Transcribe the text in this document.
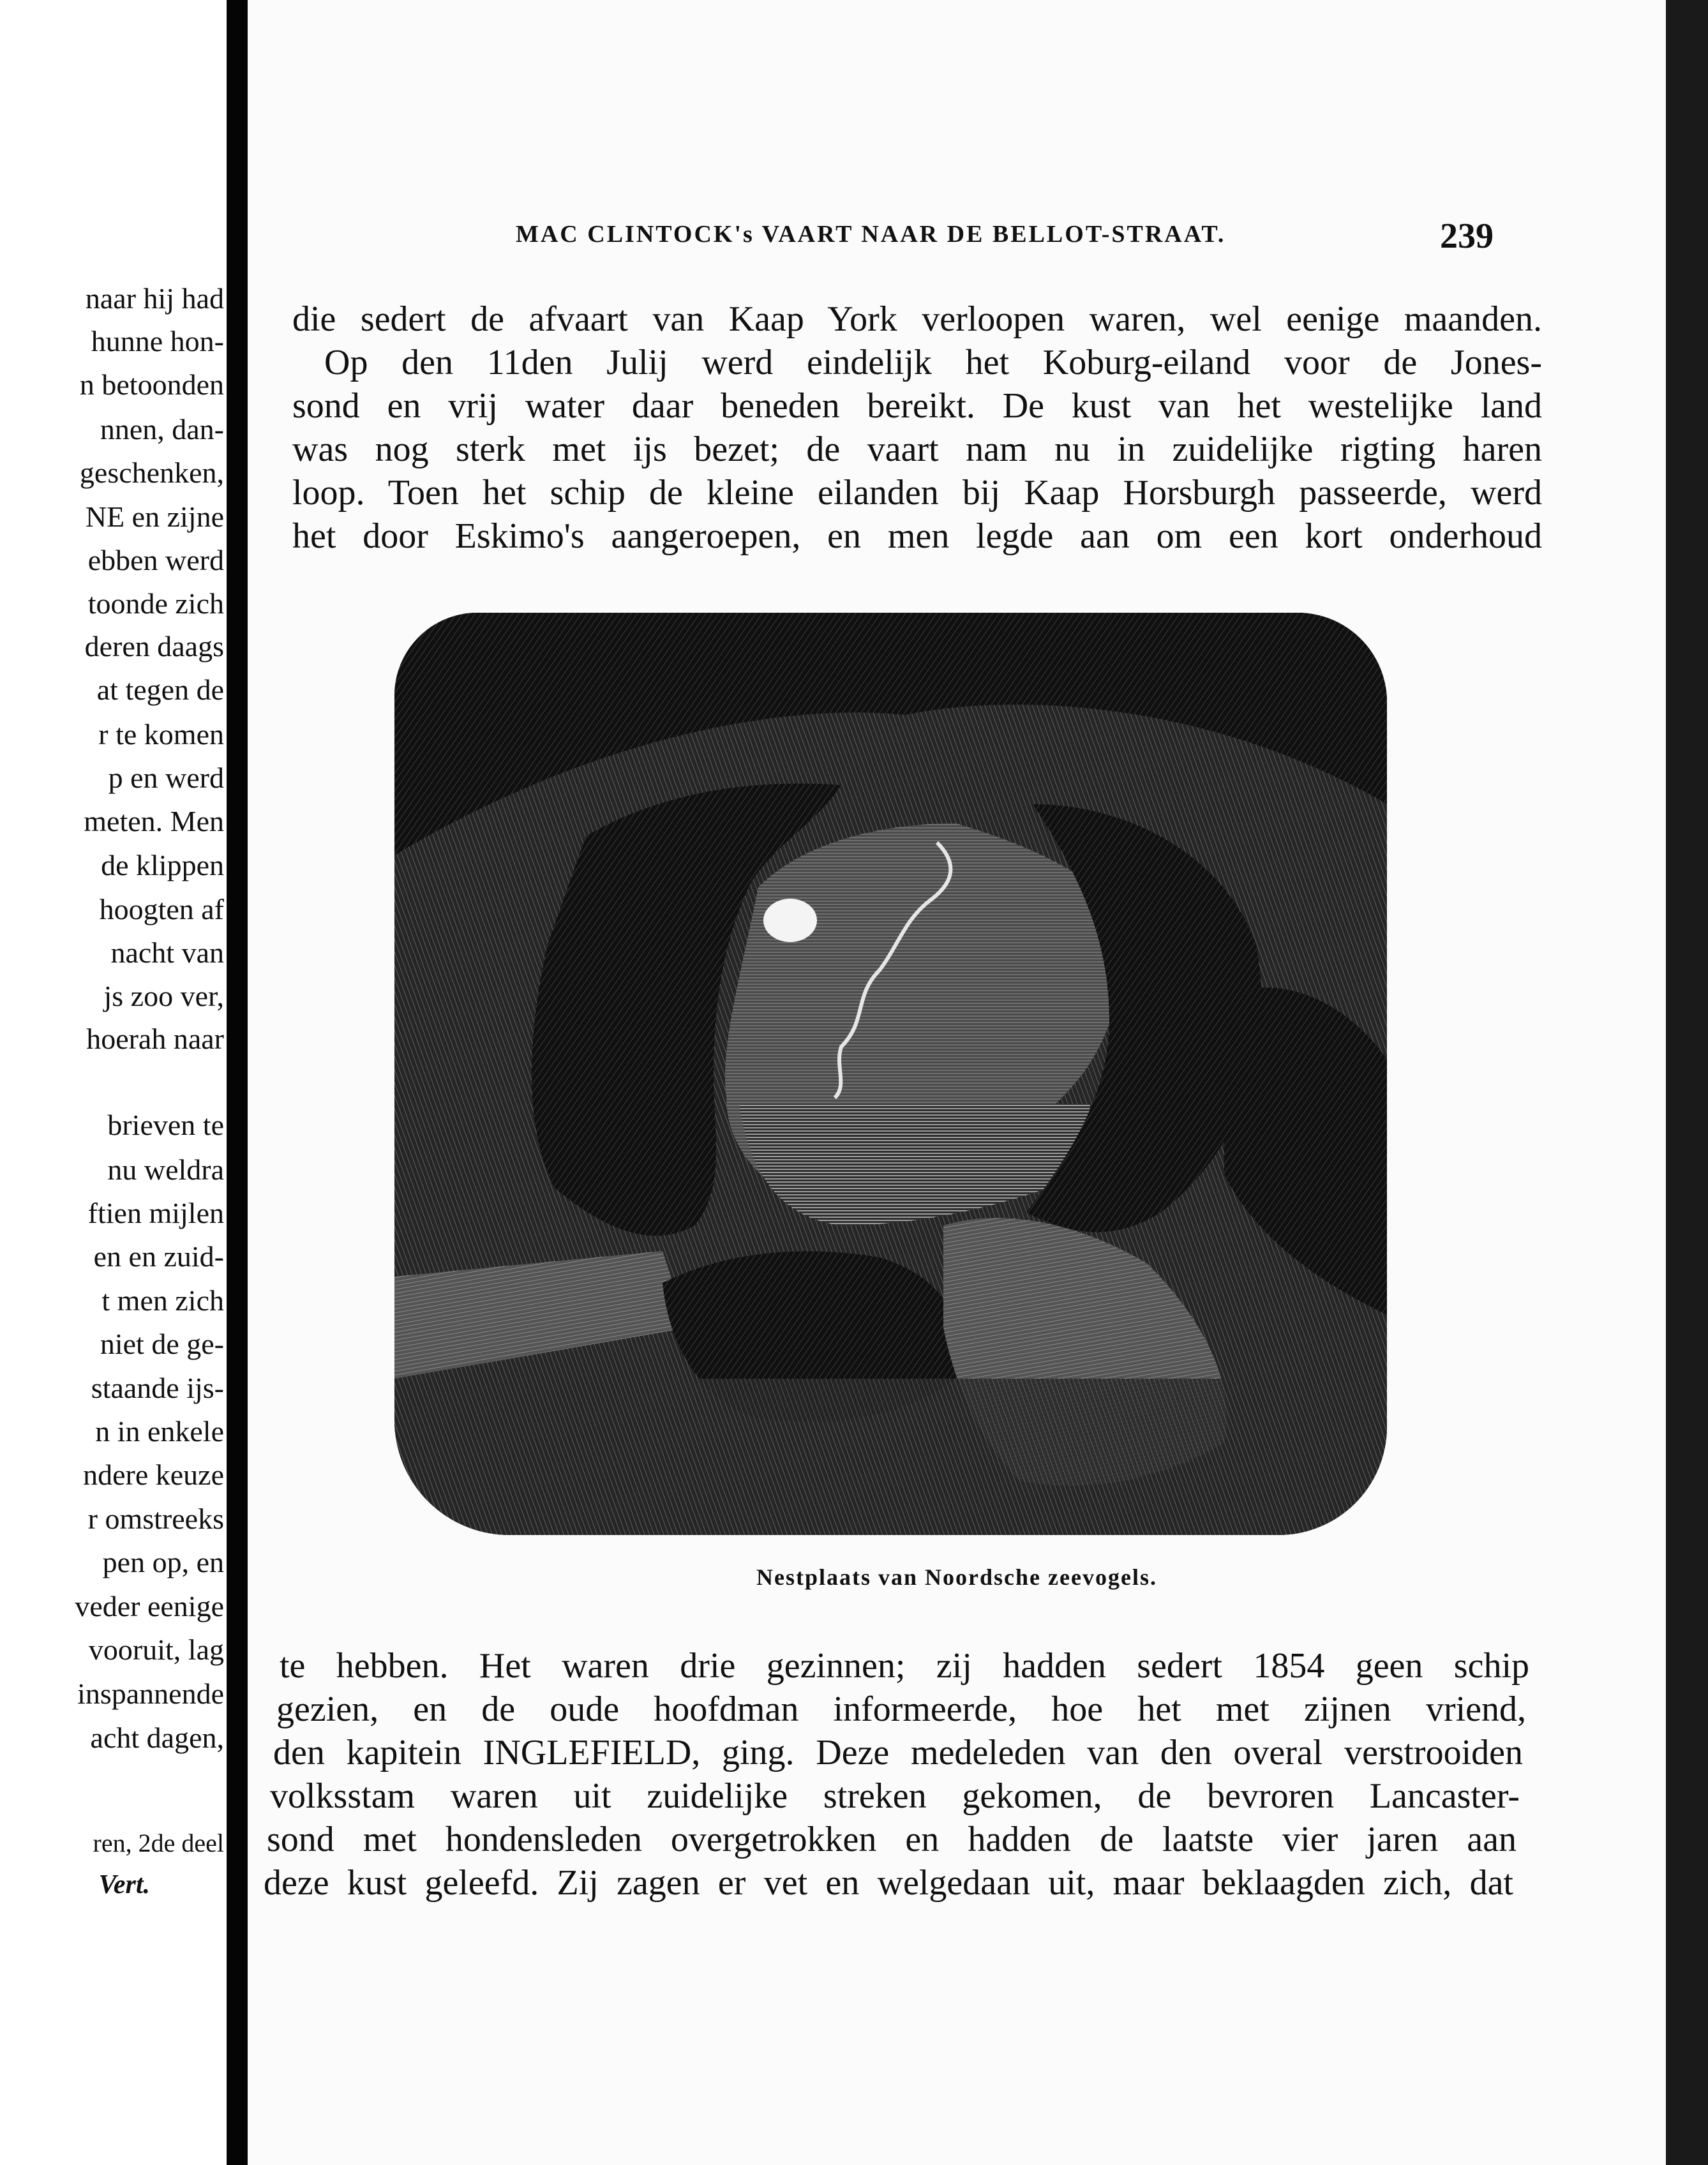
naar hij had
hunne hon-
n betoonden
nnen, dan-
geschenken,
NE en zijne
ebben werd
toonde zich
deren daags
at tegen de
r te komen
p en werd
meten. Men
de klippen
hoogten af
nacht van
js zoo ver,
hoerah naar
brieven te
nu weldra
ftien mijlen
en en zuid-
t men zich
niet de ge-
staande ijs-
n in enkele
ndere keuze
r omstreeks
pen op, en
veder eenige
vooruit, lag
inspannende
acht dagen,
ren, 2de deel
Vert.
MAC CLINTOCK's VAART NAAR DE BELLOT-STRAAT.	239
die sedert de afvaart van Kaap York verloopen waren, wel eenige maanden.
Op den 11den Julij werd eindelijk het Koburg-eiland voor de Jones-
sond en vrij water daar beneden bereikt. De kust van het westelijke land
was nog sterk met ijs bezet; de vaart nam nu in zuidelijke rigting haren
loop. Toen het schip de kleine eilanden bij Kaap Horsburgh passeerde, werd
het door Eskimo's aangeroepen, en men legde aan om een kort onderhoud
Nestplaats van Noordsche zeevogels.
te hebben. Het waren drie gezinnen; zij hadden sedert 1854 geen schip
gezien, en de oude hoofdman informeerde, hoe het met zijnen vriend,
den kapitein INGLEFIELD, ging. Deze medeleden van den overal verstrooiden
volksstam waren uit zuidelijke streken gekomen, de bevroren Lancaster-
sond met hondensleden overgetrokken en hadden de laatste vier jaren aan
deze kust geleefd. Zij zagen er vet en welgedaan uit, maar beklaagden zich, dat
